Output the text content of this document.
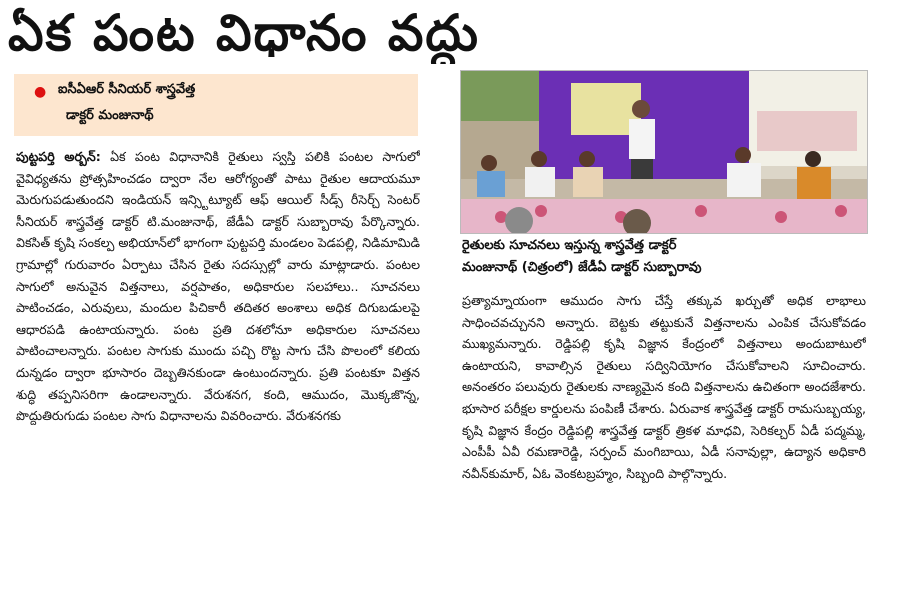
ఏక పంట విధానం వద్దు
● ఐసీఏఆర్ సీనియర్ శాస్త్రవేత్త
డాక్టర్ మంజునాథ్

పుట్టపర్తి అర్బన్: ఏక పంట విధానానికి రైతులు స్వస్తి పలికి పంటల సాగులో వైవిధ్యతను ప్రోత్సహించడం ద్వారా నేల ఆరోగ్యంతో పాటు రైతుల ఆదాయమూ మెరుగుపడుతుందని ఇండియన్ ఇన్స్టిట్యూట్ ఆఫ్ ఆయిల్ సీడ్స్ రీసెర్చ్ సెంటర్ సీనియర్ శాస్త్రవేత్త డాక్టర్ టి.మంజునాథ్, జేడీఏ డాక్టర్ సుబ్బారావు పేర్కొన్నారు. వికసిత్ కృషి సంకల్ప అభియాన్‌లో భాగంగా పుట్టపర్తి మండలం పెడపల్లి, నిడిమామిడి గ్రామాల్లో గురువారం ఏర్పాటు చేసిన రైతు సదస్సుల్లో వారు మాట్లాడారు. పంటల సాగులో అనువైన విత్తనాలు, వర్షపాతం, అధికారుల సలహాలు.. సూచనలు పాటించడం, ఎరువులు, మందుల పిచికారీ తదితర అంశాలు అధిక దిగుబడులపై ఆధారపడి ఉంటాయన్నారు. పంట ప్రతి దశలోనూ అధికారుల సూచనలు పాటించాలన్నారు. పంటల సాగుకు ముందు పచ్చి రొట్ట సాగు చేసి పొలంలో కలియ దున్నడం ద్వారా భూసారం దెబ్బతినకుండా ఉంటుందన్నారు. ప్రతి పంటకూ విత్తన శుద్ధి తప్పనిసరిగా ఉండాలన్నారు. వేరుశనగ, కంది, ఆముదం, మొక్కజొన్న, పొద్దుతిరుగుడు పంటల సాగు విధానాలను వివరించారు. వేరుశనగకు

రైతులకు సూచనలు ఇస్తున్న శాస్త్రవేత్త డాక్టర్
మంజునాథ్ (చిత్రంలో) జేడీఏ డాక్టర్ సుబ్బారావు

ప్రత్యామ్నాయంగా ఆముదం సాగు చేస్తే తక్కువ ఖర్చుతో అధిక లాభాలు సాధించవచ్చునని అన్నారు. బెట్టకు తట్టుకునే విత్తనాలను ఎంపిక చేసుకోవడం ముఖ్యమన్నారు. రెడ్డిపల్లి కృషి విజ్ఞాన కేంద్రంలో విత్తనాలు అందుబాటులో ఉంటాయని, కావాల్సిన రైతులు సద్వినియోగం చేసుకోవాలని సూచించారు. అనంతరం పలువురు రైతులకు నాణ్యమైన కంది విత్తనాలను ఉచితంగా అందజేశారు. భూసార పరీక్షల కార్డులను పంపిణీ చేశారు. ఏరువాక శాస్త్రవేత్త డాక్టర్ రామసుబ్బయ్య, కృషి విజ్ఞాన కేంద్రం రెడ్డిపల్లి శాస్త్రవేత్త డాక్టర్ త్రికళ మాధవి, సెరికల్చర్ ఏడీ పద్మమ్మ, ఎంపీపీ ఏవీ రమణారెడ్డి, సర్పంచ్ మంగిబాయి, ఏడీ సనావుల్లా, ఉద్యాన అధికారి నవీన్‌కుమార్, ఏఓ వెంకటబ్రహ్మం, సిబ్బంది పాల్గొన్నారు.
